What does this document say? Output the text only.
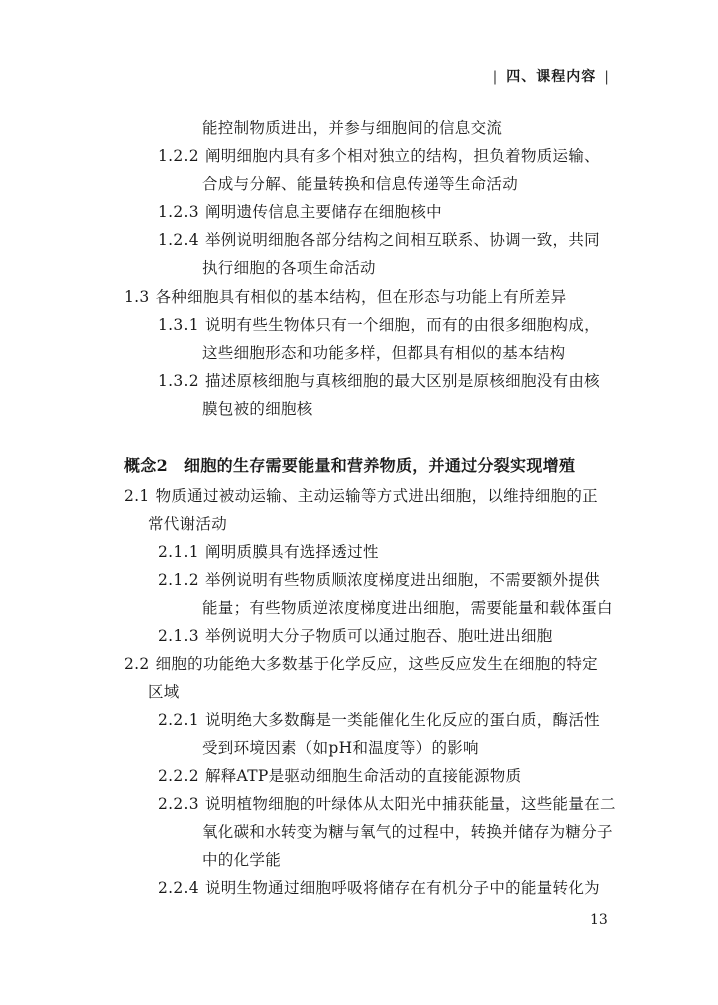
| 四、课程内容 |
能控制物质进出，并参与细胞间的信息交流
1.2.2 阐明细胞内具有多个相对独立的结构，担负着物质运输、
合成与分解、能量转换和信息传递等生命活动
1.2.3 阐明遗传信息主要储存在细胞核中
1.2.4 举例说明细胞各部分结构之间相互联系、协调一致，共同
执行细胞的各项生命活动
1.3 各种细胞具有相似的基本结构，但在形态与功能上有所差异
1.3.1 说明有些生物体只有一个细胞，而有的由很多细胞构成，
这些细胞形态和功能多样，但都具有相似的基本结构
1.3.2 描述原核细胞与真核细胞的最大区别是原核细胞没有由核
膜包被的细胞核
概念2 细胞的生存需要能量和营养物质，并通过分裂实现增殖
2.1 物质通过被动运输、主动运输等方式进出细胞，以维持细胞的正
常代谢活动
2.1.1 阐明质膜具有选择透过性
2.1.2 举例说明有些物质顺浓度梯度进出细胞，不需要额外提供
能量；有些物质逆浓度梯度进出细胞，需要能量和载体蛋白
2.1.3 举例说明大分子物质可以通过胞吞、胞吐进出细胞
2.2 细胞的功能绝大多数基于化学反应，这些反应发生在细胞的特定
区域
2.2.1 说明绝大多数酶是一类能催化生化反应的蛋白质，酶活性
受到环境因素（如pH和温度等）的影响
2.2.2 解释ATP是驱动细胞生命活动的直接能源物质
2.2.3 说明植物细胞的叶绿体从太阳光中捕获能量，这些能量在二
氧化碳和水转变为糖与氧气的过程中，转换并储存为糖分子
中的化学能
2.2.4 说明生物通过细胞呼吸将储存在有机分子中的能量转化为
13
